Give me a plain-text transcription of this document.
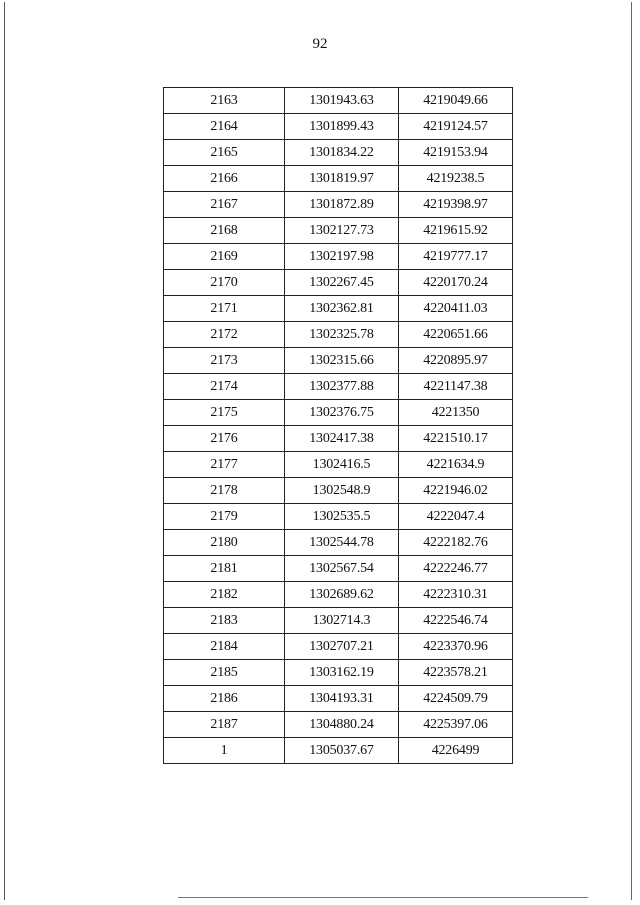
92
2163	1301943.63	4219049.66
2164	1301899.43	4219124.57
2165	1301834.22	4219153.94
2166	1301819.97	4219238.5
2167	1301872.89	4219398.97
2168	1302127.73	4219615.92
2169	1302197.98	4219777.17
2170	1302267.45	4220170.24
2171	1302362.81	4220411.03
2172	1302325.78	4220651.66
2173	1302315.66	4220895.97
2174	1302377.88	4221147.38
2175	1302376.75	4221350
2176	1302417.38	4221510.17
2177	1302416.5	4221634.9
2178	1302548.9	4221946.02
2179	1302535.5	4222047.4
2180	1302544.78	4222182.76
2181	1302567.54	4222246.77
2182	1302689.62	4222310.31
2183	1302714.3	4222546.74
2184	1302707.21	4223370.96
2185	1303162.19	4223578.21
2186	1304193.31	4224509.79
2187	1304880.24	4225397.06
1	1305037.67	4226499
